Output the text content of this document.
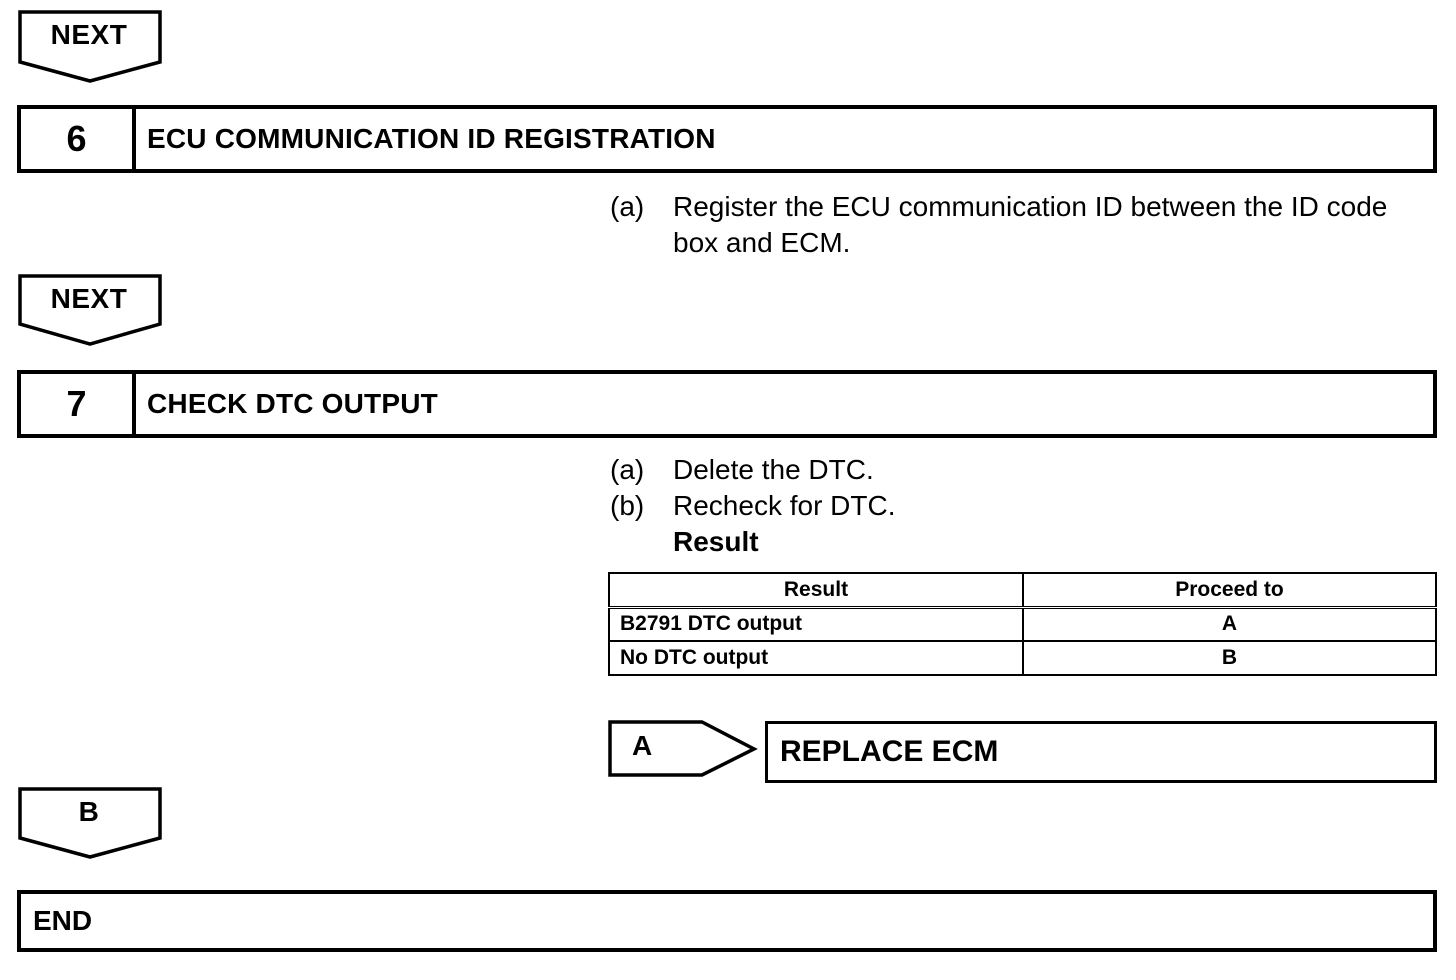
NEXT
6	ECU COMMUNICATION ID REGISTRATION
(a) Register the ECU communication ID between the ID code box and ECM.
NEXT
7	CHECK DTC OUTPUT
(a) Delete the DTC.
(b) Recheck for DTC.
Result
Result	Proceed to
B2791 DTC output	A
No DTC output	B
A	REPLACE ECM
B
END
